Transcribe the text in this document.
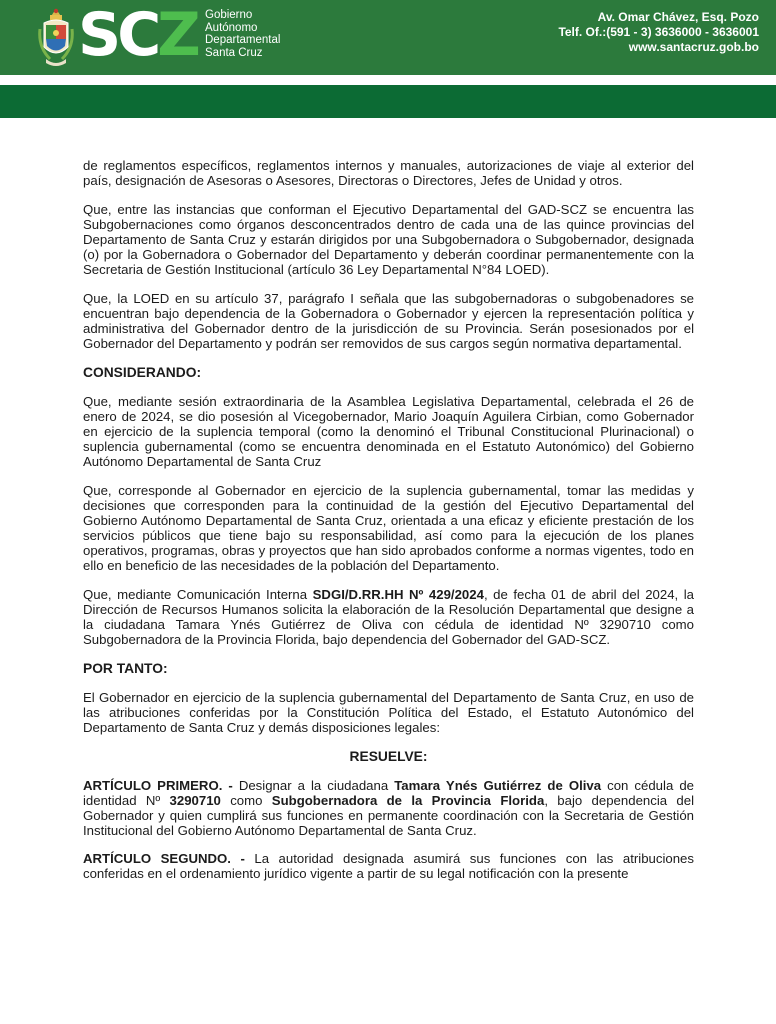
SCZ Gobierno
Autónomo
Departamental
Santa Cruz
Av. Omar Chávez, Esq. Pozo
Telf. Of.:(591 - 3) 3636000 - 3636001
www.santacruz.gob.bo

de reglamentos específicos, reglamentos internos y manuales, autorizaciones de viaje al exterior del país, designación de Asesoras o Asesores, Directoras o Directores, Jefes de Unidad y otros.

Que, entre las instancias que conforman el Ejecutivo Departamental del GAD-SCZ se encuentra las Subgobernaciones como órganos desconcentrados dentro de cada una de las quince provincias del Departamento de Santa Cruz y estarán dirigidos por una Subgobernadora o Subgobernador, designada (o) por la Gobernadora o Gobernador del Departamento y deberán coordinar permanentemente con la Secretaria de Gestión Institucional (artículo 36 Ley Departamental N°84 LOED).

Que, la LOED en su artículo 37, parágrafo I señala que las subgobernadoras o subgobenadores se encuentran bajo dependencia de la Gobernadora o Gobernador y ejercen la representación política y administrativa del Gobernador dentro de la jurisdicción de su Provincia. Serán posesionados por el Gobernador del Departamento y podrán ser removidos de sus cargos según normativa departamental.

CONSIDERANDO:

Que, mediante sesión extraordinaria de la Asamblea Legislativa Departamental, celebrada el 26 de enero de 2024, se dio posesión al Vicegobernador, Mario Joaquín Aguilera Cirbian, como Gobernador en ejercicio de la suplencia temporal (como la denominó el Tribunal Constitucional Plurinacional) o suplencia gubernamental (como se encuentra denominada en el Estatuto Autonómico) del Gobierno Autónomo Departamental de Santa Cruz

Que, corresponde al Gobernador en ejercicio de la suplencia gubernamental, tomar las medidas y decisiones que corresponden para la continuidad de la gestión del Ejecutivo Departamental del Gobierno Autónomo Departamental de Santa Cruz, orientada a una eficaz y eficiente prestación de los servicios públicos que tiene bajo su responsabilidad, así como para la ejecución de los planes operativos, programas, obras y proyectos que han sido aprobados conforme a normas vigentes, todo en ello en beneficio de las necesidades de la población del Departamento.

Que, mediante Comunicación Interna SDGI/D.RR.HH Nº 429/2024, de fecha 01 de abril del 2024, la Dirección de Recursos Humanos solicita la elaboración de la Resolución Departamental que designe a la ciudadana Tamara Ynés Gutiérrez de Oliva con cédula de identidad Nº 3290710 como Subgobernadora de la Provincia Florida, bajo dependencia del Gobernador del GAD-SCZ.

POR TANTO:

El Gobernador en ejercicio de la suplencia gubernamental del Departamento de Santa Cruz, en uso de las atribuciones conferidas por la Constitución Política del Estado, el Estatuto Autonómico del Departamento de Santa Cruz y demás disposiciones legales:

RESUELVE:

ARTÍCULO PRIMERO. - Designar a la ciudadana Tamara Ynés Gutiérrez de Oliva con cédula de identidad Nº 3290710 como Subgobernadora de la Provincia Florida, bajo dependencia del Gobernador y quien cumplirá sus funciones en permanente coordinación con la Secretaria de Gestión Institucional del Gobierno Autónomo Departamental de Santa Cruz.

ARTÍCULO SEGUNDO. - La autoridad designada asumirá sus funciones con las atribuciones conferidas en el ordenamiento jurídico vigente a partir de su legal notificación con la presente
